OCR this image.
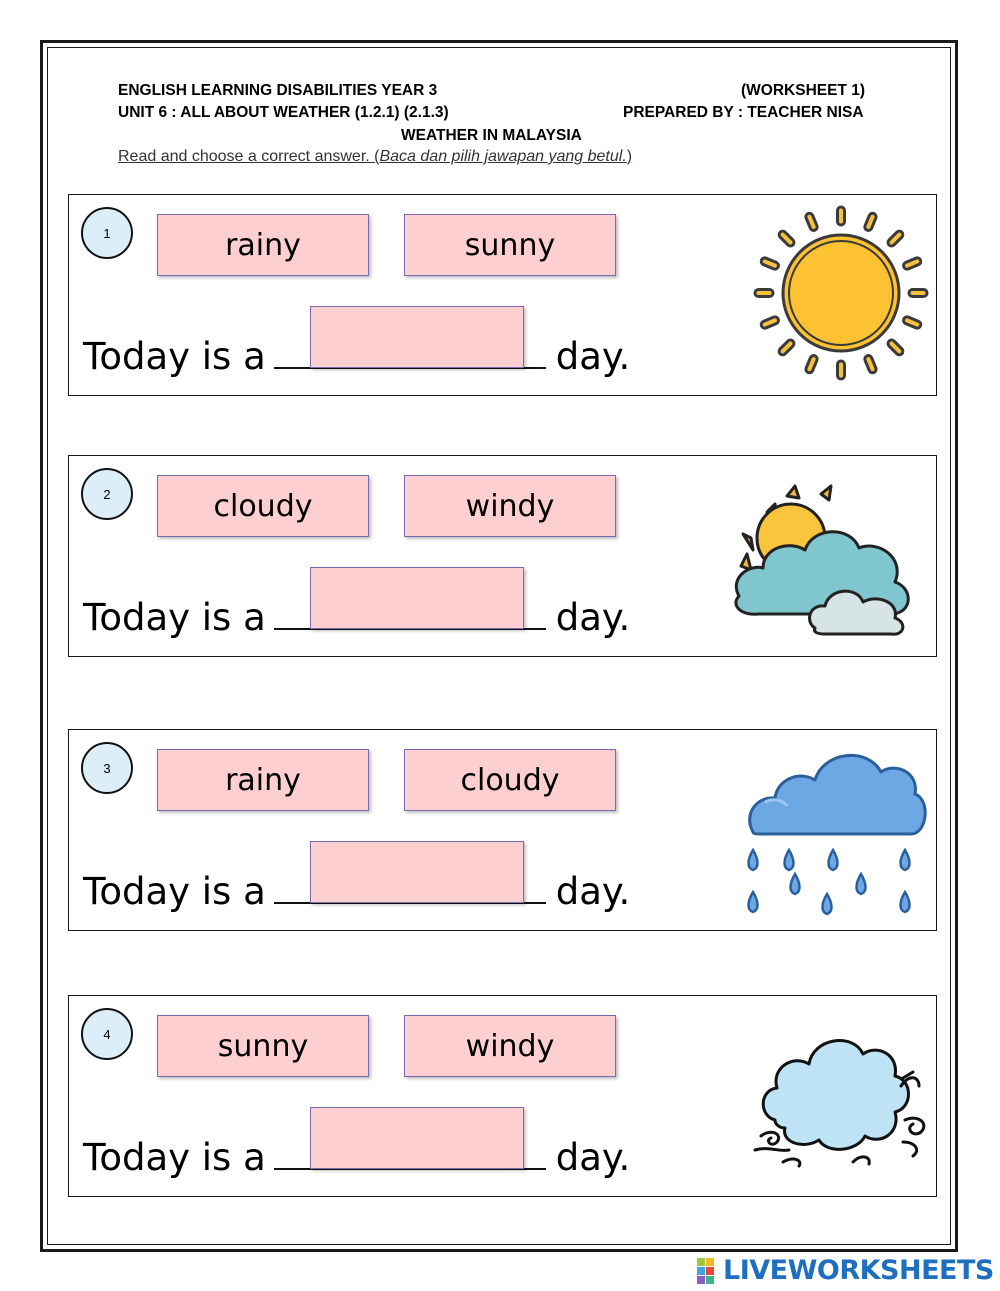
ENGLISH LEARNING DISABILITIES YEAR 3	(WORKSHEET 1)
UNIT 6 : ALL ABOUT WEATHER (1.2.1) (2.1.3)	PREPARED BY : TEACHER NISA
WEATHER IN MALAYSIA
Read and choose a correct answer. (Baca dan pilih jawapan yang betul.)
1	rainy	sunny
Today is a	day.
2	cloudy	windy
Today is a	day.
3	rainy	cloudy
Today is a	day.
4	sunny	windy
Today is a	day.
LIVEWORKSHEETS
